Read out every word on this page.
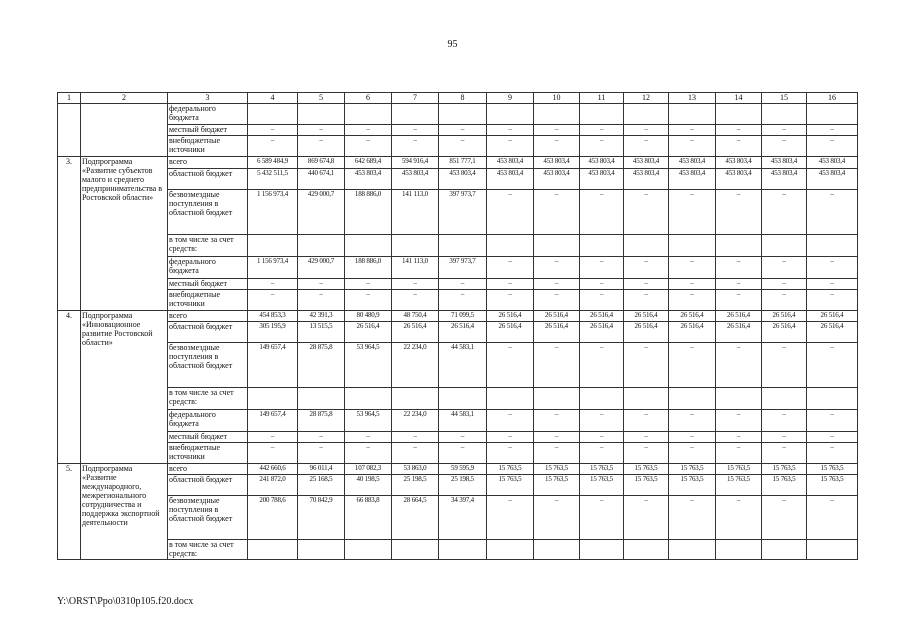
95
1	2	3	4	5	6	7	8	9	10	11	12	13	14	15	16
		федерального бюджета													
		местный бюджет	–	–	–	–	–	–	–	–	–	–	–	–	–
		внебюджетные источники	–	–	–	–	–	–	–	–	–	–	–	–	–
3.	Подпрограмма «Развитие субъектов малого и среднего предпринимательства в Ростовской области»	всего	6 589 484,9	869 674,8	642 689,4	594 916,4	851 777,1	453 803,4	453 803,4	453 803,4	453 803,4	453 803,4	453 803,4	453 803,4	453 803,4
		областной бюджет	5 432 511,5	440 674,1	453 803,4	453 803,4	453 803,4	453 803,4	453 803,4	453 803,4	453 803,4	453 803,4	453 803,4	453 803,4	453 803,4
		безвозмездные поступления в областной бюджет	1 156 973,4	429 000,7	188 886,0	141 113,0	397 973,7	–	–	–	–	–	–	–	–
		в том числе за счет средств:													
		федерального бюджета	1 156 973,4	429 000,7	188 886,0	141 113,0	397 973,7	–	–	–	–	–	–	–	–
		местный бюджет	–	–	–	–	–	–	–	–	–	–	–	–	–
		внебюджетные источники	–	–	–	–	–	–	–	–	–	–	–	–	–
4.	Подпрограмма «Инновационное развитие Ростовской области»	всего	454 853,3	42 391,3	80 480,9	48 750,4	71 099,5	26 516,4	26 516,4	26 516,4	26 516,4	26 516,4	26 516,4	26 516,4	26 516,4
		областной бюджет	305 195,9	13 515,5	26 516,4	26 516,4	26 516,4	26 516,4	26 516,4	26 516,4	26 516,4	26 516,4	26 516,4	26 516,4	26 516,4
		безвозмездные поступления в областной бюджет	149 657,4	28 875,8	53 964,5	22 234,0	44 583,1	–	–	–	–	–	–	–	–
		в том числе за счет средств:													
		федерального бюджета	149 657,4	28 875,8	53 964,5	22 234,0	44 583,1	–	–	–	–	–	–	–	–
		местный бюджет	–	–	–	–	–	–	–	–	–	–	–	–	–
		внебюджетные источники	–	–	–	–	–	–	–	–	–	–	–	–	–
5.	Подпрограмма «Развитие международного, межрегионального сотрудничества и поддержка экспортной деятельности	всего	442 660,6	96 011,4	107 082,3	53 863,0	59 595,9	15 763,5	15 763,5	15 763,5	15 763,5	15 763,5	15 763,5	15 763,5	15 763,5
		областной бюджет	241 872,0	25 168,5	40 198,5	25 198,5	25 198,5	15 763,5	15 763,5	15 763,5	15 763,5	15 763,5	15 763,5	15 763,5	15 763,5
		безвозмездные поступления в областной бюджет	200 788,6	70 842,9	66 883,8	28 664,5	34 397,4	–	–	–	–	–	–	–	–
		в том числе за счет средств:													
Y:\ORST\Ppo\0310p105.f20.docx
